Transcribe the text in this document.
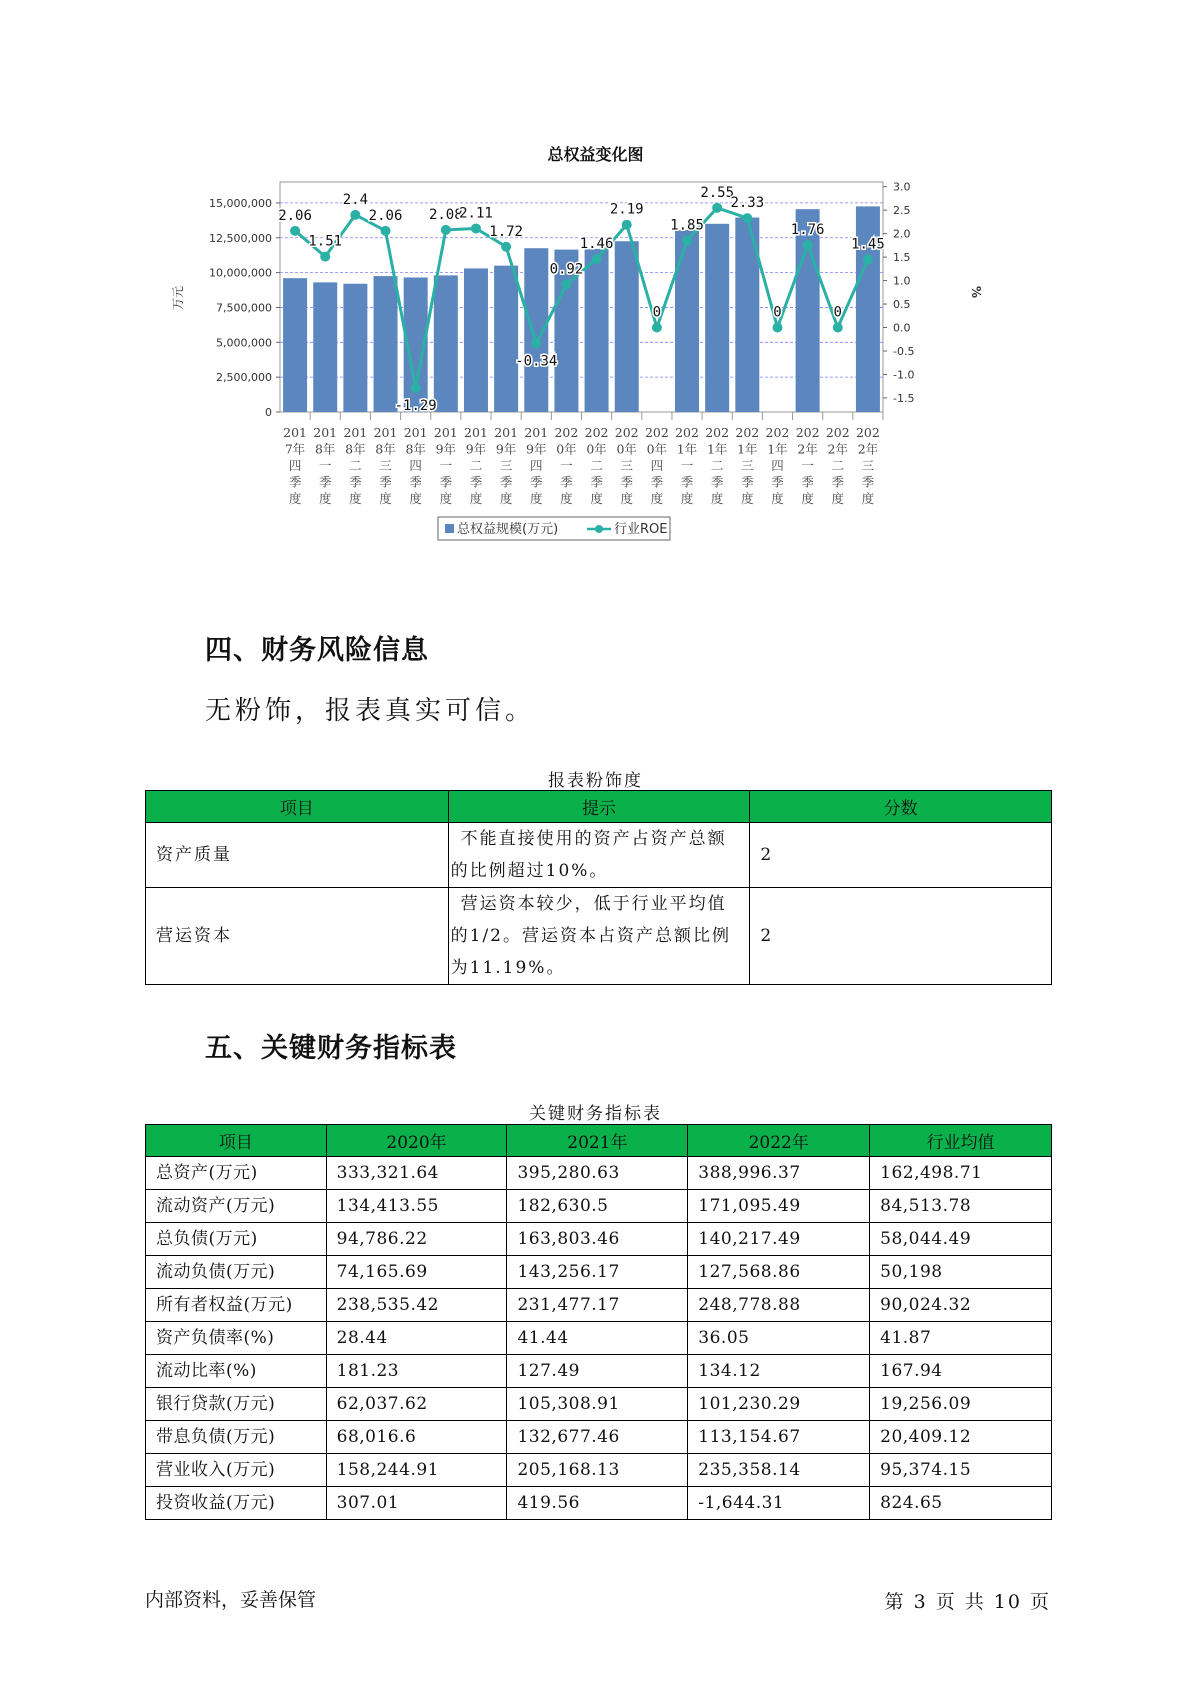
总权益变化图
15,000,000
12,500,000
10,000,000
7,500,000
5,000,000
2,500,000
0
3.0
2.5
2.0
1.5
1.0
0.5
0.0
-0.5
-1.0
-1.5
万元	%
201
7年
四
季
度
201
8年
一
季
度
201
8年
二
季
度
201
8年
三
季
度
201
8年
四
季
度
201
9年
一
季
度
201
9年
二
季
度
201
9年
三
季
度
201
9年
四
季
度
202
0年
一
季
度
202
0年
二
季
度
202
0年
三
季
度
202
0年
四
季
度
202
1年
一
季
度
202
1年
二
季
度
202
1年
三
季
度
202
1年
四
季
度
202
2年
一
季
度
202
2年
二
季
度
202
2年
三
季
度
2.06
1.51
2.4
2.06
-1.29
2.08
2.11
1.72
-0.34
0.92
1.46
2.19
0
1.85
2.55
2.33
0
1.76
0
1.45
总权益规模(万元)	行业ROE
四、财务风险信息
无粉饰，报表真实可信。
报表粉饰度
项目	提示	分数
资产质量	不能直接使用的资产占资产总额的比例超过10%。	2
营运资本	营运资本较少，低于行业平均值的1/2。营运资本占资产总额比例为11.19%。	2
五、关键财务指标表
关键财务指标表
项目	2020年	2021年	2022年	行业均值
总资产(万元)	333,321.64	395,280.63	388,996.37	162,498.71
流动资产(万元)	134,413.55	182,630.5	171,095.49	84,513.78
总负债(万元)	94,786.22	163,803.46	140,217.49	58,044.49
流动负债(万元)	74,165.69	143,256.17	127,568.86	50,198
所有者权益(万元)	238,535.42	231,477.17	248,778.88	90,024.32
资产负债率(%)	28.44	41.44	36.05	41.87
流动比率(%)	181.23	127.49	134.12	167.94
银行贷款(万元)	62,037.62	105,308.91	101,230.29	19,256.09
带息负债(万元)	68,016.6	132,677.46	113,154.67	20,409.12
营业收入(万元)	158,244.91	205,168.13	235,358.14	95,374.15
投资收益(万元)	307.01	419.56	-1,644.31	824.65
内部资料，妥善保管	第 3 页 共 10 页
